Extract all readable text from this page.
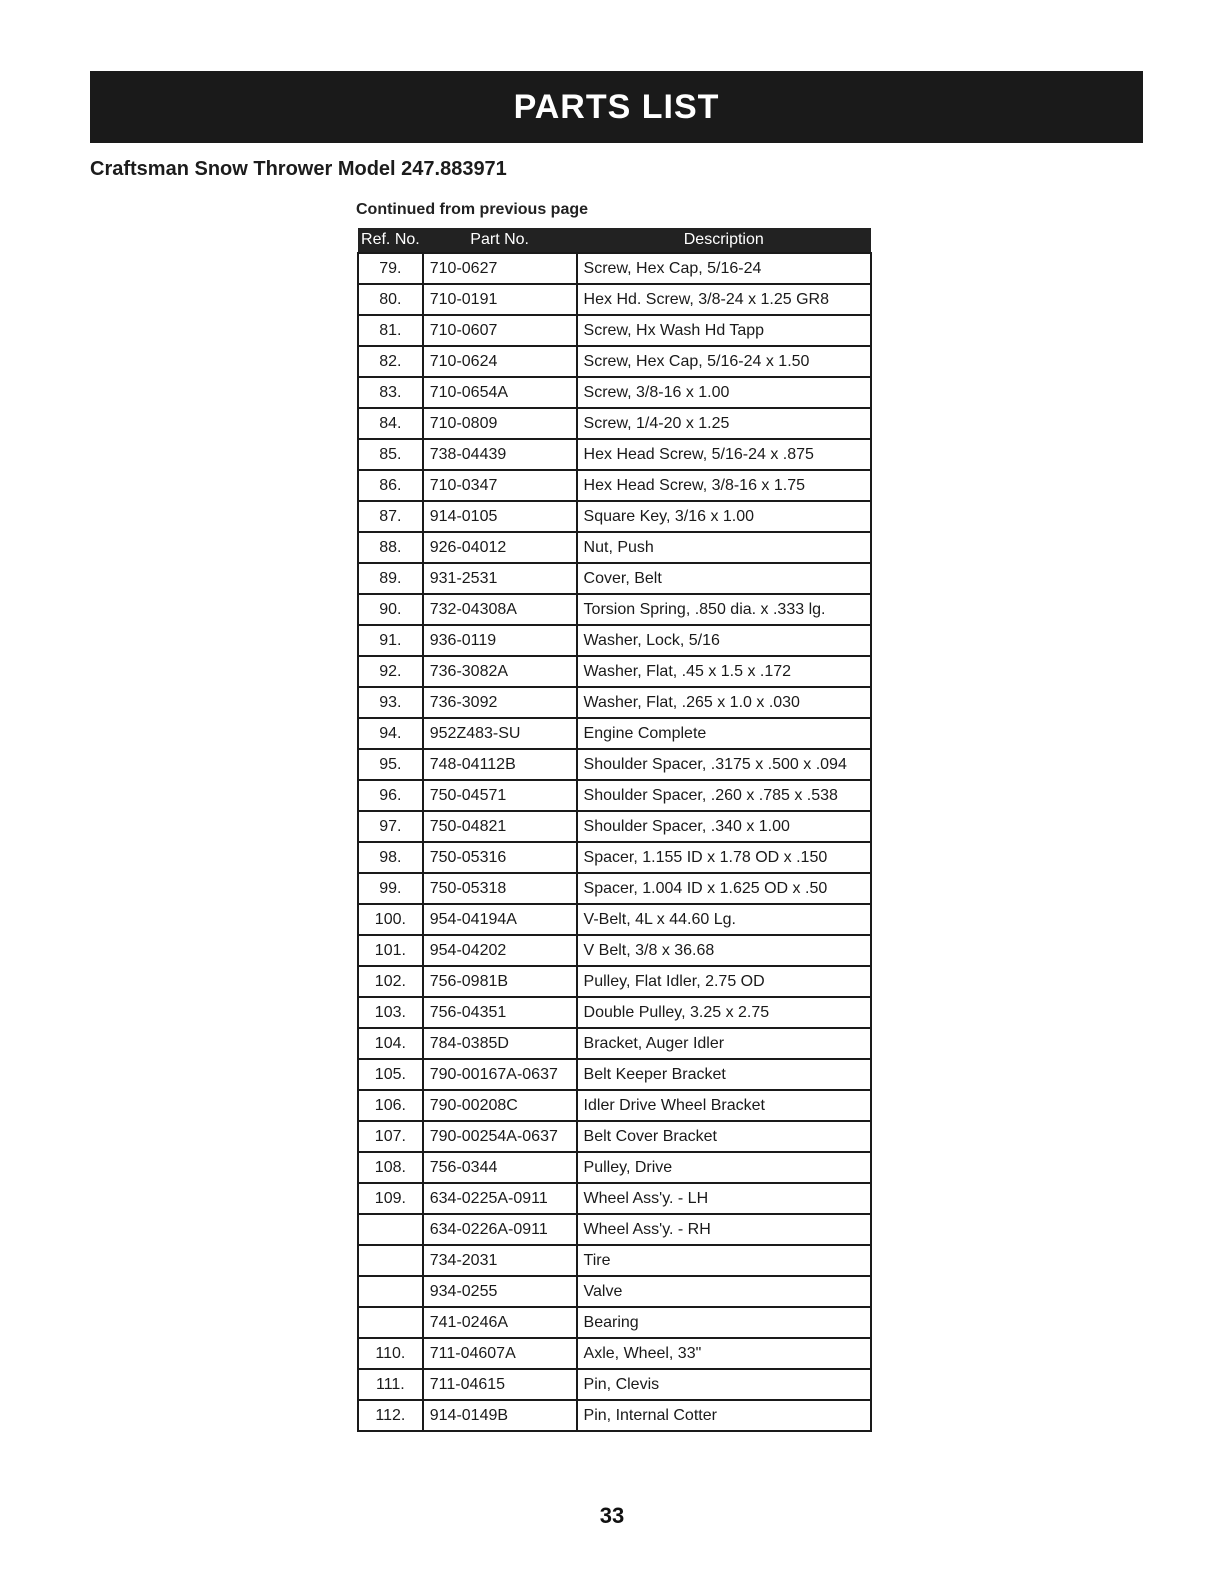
PARTS LIST
Craftsman Snow Thrower Model 247.883971
Continued from previous page
Ref. No.	Part No.	Description
79.	710-0627	Screw, Hex Cap, 5/16-24
80.	710-0191	Hex Hd. Screw, 3/8-24 x 1.25 GR8
81.	710-0607	Screw, Hx Wash Hd Tapp
82.	710-0624	Screw, Hex Cap, 5/16-24 x 1.50
83.	710-0654A	Screw, 3/8-16 x 1.00
84.	710-0809	Screw, 1/4-20 x 1.25
85.	738-04439	Hex Head Screw, 5/16-24 x .875
86.	710-0347	Hex Head Screw, 3/8-16 x 1.75
87.	914-0105	Square Key, 3/16 x 1.00
88.	926-04012	Nut, Push
89.	931-2531	Cover, Belt
90.	732-04308A	Torsion Spring, .850 dia. x .333 lg.
91.	936-0119	Washer, Lock, 5/16
92.	736-3082A	Washer, Flat, .45 x 1.5 x .172
93.	736-3092	Washer, Flat, .265 x 1.0 x .030
94.	952Z483-SU	Engine Complete
95.	748-04112B	Shoulder Spacer, .3175 x .500 x .094
96.	750-04571	Shoulder Spacer, .260 x .785 x .538
97.	750-04821	Shoulder Spacer, .340 x 1.00
98.	750-05316	Spacer, 1.155 ID x 1.78 OD x .150
99.	750-05318	Spacer, 1.004 ID x 1.625 OD x .50
100.	954-04194A	V-Belt, 4L x 44.60 Lg.
101.	954-04202	V Belt, 3/8 x 36.68
102.	756-0981B	Pulley, Flat Idler, 2.75 OD
103.	756-04351	Double Pulley, 3.25 x 2.75
104.	784-0385D	Bracket, Auger Idler
105.	790-00167A-0637	Belt Keeper Bracket
106.	790-00208C	Idler Drive Wheel Bracket
107.	790-00254A-0637	Belt Cover Bracket
108.	756-0344	Pulley, Drive
109.	634-0225A-0911	Wheel Ass'y. - LH
	634-0226A-0911	Wheel Ass'y. - RH
	734-2031	Tire
	934-0255	Valve
	741-0246A	Bearing
110.	711-04607A	Axle, Wheel, 33"
111.	711-04615	Pin, Clevis
112.	914-0149B	Pin, Internal Cotter
33
